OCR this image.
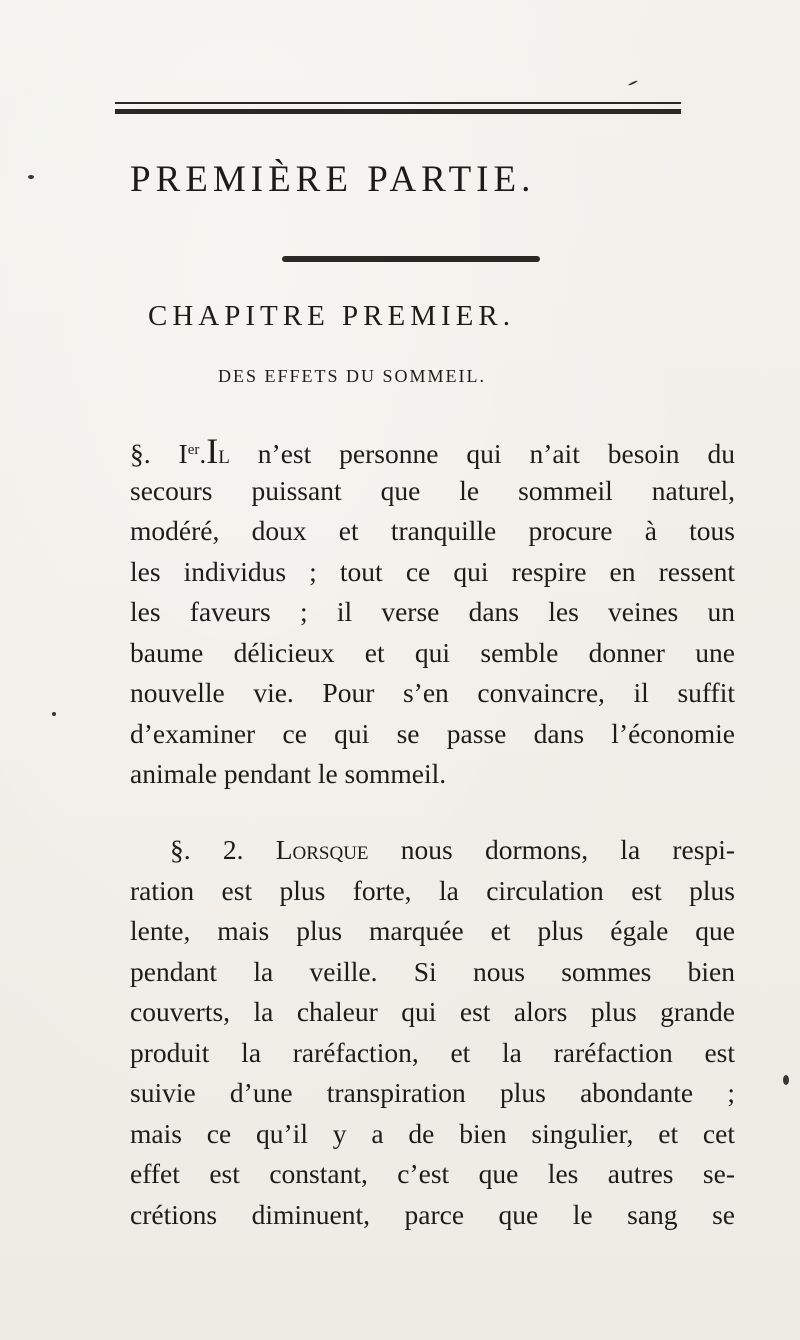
PREMIÈRE PARTIE.
CHAPITRE PREMIER.
DES EFFETS DU SOMMEIL.
§. Ier.Il n’est personne qui n’ait besoin du
secours puissant que le sommeil naturel,
modéré, doux et tranquille procure à tous
les individus ; tout ce qui respire en ressent
les faveurs ; il verse dans les veines un
baume délicieux et qui semble donner une
nouvelle vie. Pour s’en convaincre, il suffit
d’examiner ce qui se passe dans l’économie
animale pendant le sommeil.
§. 2. Lorsque nous dormons, la respi-
ration est plus forte, la circulation est plus
lente, mais plus marquée et plus égale que
pendant la veille. Si nous sommes bien
couverts, la chaleur qui est alors plus grande
produit la raréfaction, et la raréfaction est
suivie d’une transpiration plus abondante ;
mais ce qu’il y a de bien singulier, et cet
effet est constant, c’est que les autres se-
crétions diminuent, parce que le sang se
